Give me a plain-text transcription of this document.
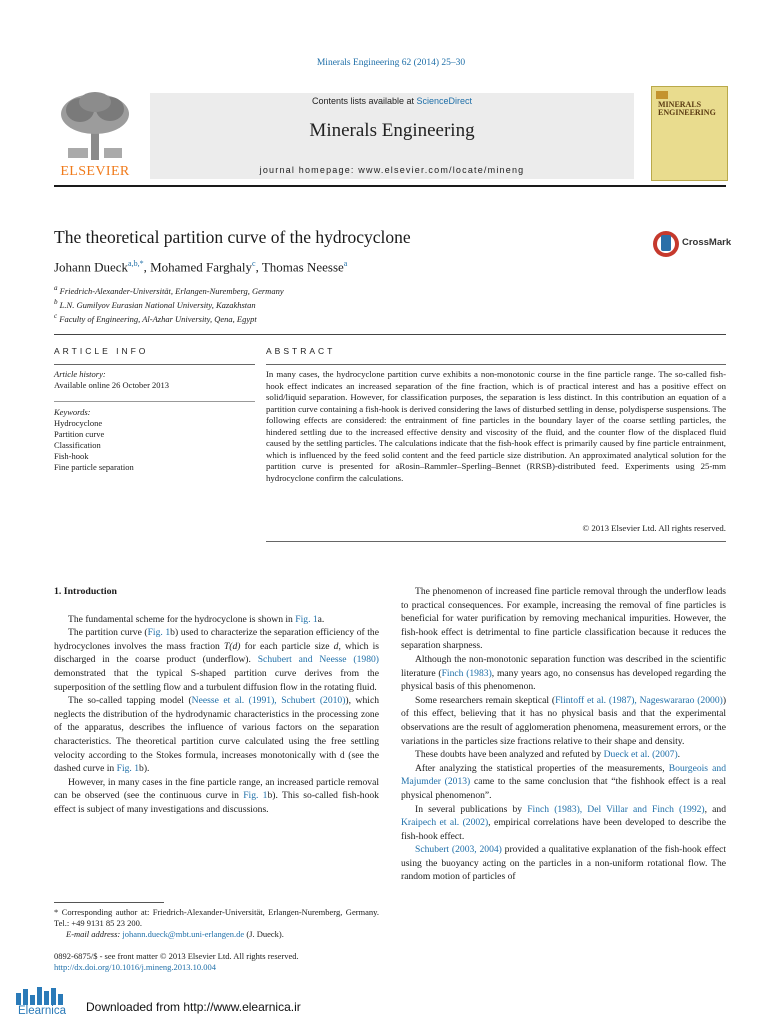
Minerals Engineering 62 (2014) 25–30
ELSEVIER
Contents lists available at ScienceDirect
Minerals Engineering
journal homepage: www.elsevier.com/locate/mineng
MINERALS ENGINEERING
The theoretical partition curve of the hydrocyclone	CrossMark
Johann Dueck$^{a,b,*}$, Mohamed Farghaly$^c$, Thomas Neesse$^a$
$^a$ Friedrich-Alexander-Universität, Erlangen-Nuremberg, Germany
$^b$ L.N. Gumilyov Eurasian National University, Kazakhstan
$^c$ Faculty of Engineering, Al-Azhar University, Qena, Egypt
ARTICLE INFO	ABSTRACT
Article history:
Available online 26 October 2013
Keywords:
Hydrocyclone
Partition curve
Classification
Fish-hook
Fine particle separation
In many cases, the hydrocyclone partition curve exhibits a non-monotonic course in the fine particle range. The so-called fish-hook effect indicates an increased separation of the fine fraction, which is of practical interest and has a positive effect on solid/liquid separation. However, for classification purposes, the separation is less distinct. In this contribution an equation of a partition curve containing a fish-hook is derived considering the laws of disturbed settling in dense, polydisperse suspensions. The following effects are considered: the entrainment of fine particles in the boundary layer of the coarse settling particles, the hindered settling due to the increased effective density and viscosity of the fluid, and the counter flow of the displaced fluid caused by the settling particles. The calculations indicate that the fish-hook effect is primarily caused by fine particle entrainment, which is influenced by the feed solid content and the feed particle size distribution. An approximated analytical solution for the partition curve is presented for aRosin–Rammler–Sperling–Bennet (RRSB)-distributed feed. Experiments using 25-mm hydrocyclone confirm the calculations.
© 2013 Elsevier Ltd. All rights reserved.

1. Introduction

The fundamental scheme for the hydrocyclone is shown in Fig. 1a.

The partition curve (Fig. 1b) used to characterize the separation efficiency of the hydrocyclones involves the mass fraction T(d) for each particle size d, which is discharged in the coarse product (underflow). Schubert and Neesse (1980) demonstrated that the typical S-shaped partition curve derives from the superposition of the settling flow and a turbulent diffusion flow in the rotating fluid.

The so-called tapping model (Neesse et al. (1991), Schubert (2010)), which neglects the distribution of the hydrodynamic characteristics in the processing zone of the apparatus, describes the influence of various factors on the separation characteristics. The theoretical partition curve calculated using the free settling velocity according to the Stokes formula, increases monotonically with d (see the dashed curve in Fig. 1b).

However, in many cases in the fine particle range, an increased particle removal can be observed (see the continuous curve in Fig. 1b). This so-called fish-hook effect is subject of many investigations and discussions.

The phenomenon of increased fine particle removal through the underflow leads to practical consequences. For example, increasing the removal of fine particles is beneficial for water purification by removing mechanical impurities. However, the fish-hook effect is detrimental to fine particle classification because it reduces the separation sharpness.

Although the non-monotonic separation function was described in the scientific literature (Finch (1983), many years ago, no consensus has developed regarding the physical basis of this phenomenon.

Some researchers remain skeptical (Flintoff et al. (1987), Nageswararao (2000)) of this effect, believing that it has no physical basis and that the experimental observations are the result of agglomeration phenomena, measurement errors, or the variations in the particles size fractions relative to their shape and density.

These doubts have been analyzed and refuted by Dueck et al. (2007).

After analyzing the statistical properties of the measurements, Bourgeois and Majumder (2013) came to the same conclusion that “the fishhook effect is a real physical phenomenon”.

In several publications by Finch (1983), Del Villar and Finch (1992), and Kraipech et al. (2002), empirical correlations have been developed to describe the fish-hook effect.

Schubert (2003, 2004) provided a qualitative explanation of the fish-hook effect using the buoyancy acting on the particles in a non-uniform rotational flow. The random motion of particles of

* Corresponding author at: Friedrich-Alexander-Universität, Erlangen-Nuremberg, Germany. Tel.: +49 9131 85 23 200.
E-mail address: johann.dueck@mbt.uni-erlangen.de (J. Dueck).
0892-6875/$ - see front matter © 2013 Elsevier Ltd. All rights reserved.
http://dx.doi.org/10.1016/j.mineng.2013.10.004
Elearnica	Downloaded from http://www.elearnica.ir
